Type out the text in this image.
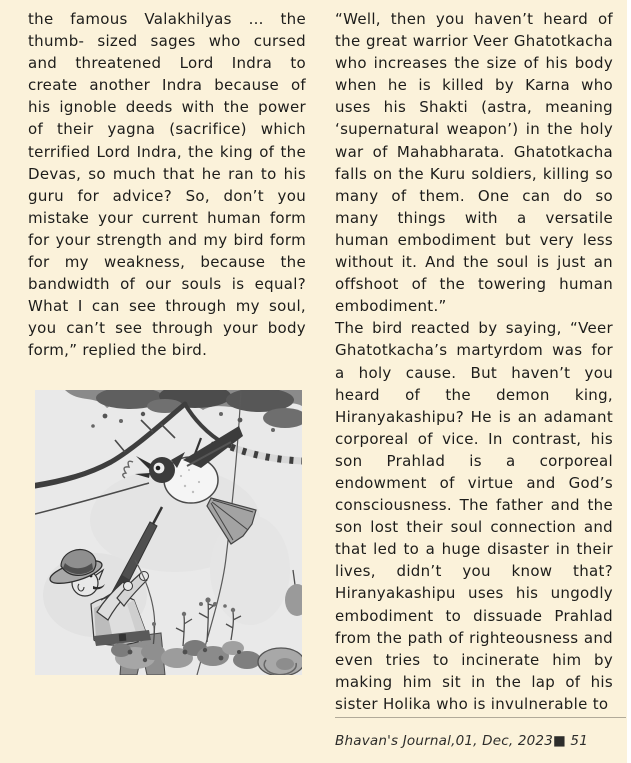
the famous Valakhilyas … the thumb- sized sages who cursed and threatened Lord Indra to create another Indra because of his ignoble deeds with the power of their yagna (sacrifice) which terrified Lord Indra, the king of the Devas, so much that he ran to his guru for advice? So, don’t you mistake your current human form for your strength and my bird form for my weakness, because the bandwidth of our souls is equal? What I can see through my soul, you can’t see through your body form,” replied the bird.

“Well, then you haven’t heard of the great warrior Veer Ghatotkacha who increases the size of his body when he is killed by Karna who uses his Shakti (astra, meaning ‘supernatural weapon’) in the holy war of Mahabharata. Ghatotkacha falls on the Kuru soldiers, killing so many of them. One can do so many things with a versatile human embodiment but very less without it. And the soul is just an offshoot of the towering human embodiment.”

The bird reacted by saying, “Veer Ghatotkacha’s martyrdom was for a holy cause. But haven’t you heard of the demon king, Hiranyakashipu? He is an adamant corporeal of vice. In contrast, his son Prahlad is a corporeal endowment of virtue and God’s consciousness. The father and the son lost their soul connection and that led to a huge disaster in their lives, didn’t you know that? Hiranyakashipu uses his ungodly embodiment to dissuade Prahlad from the path of righteousness and even tries to incinerate him by making him sit in the lap of his sister Holika who is invulnerable to

Bhavan's Journal,01, Dec, 2023■ 51
